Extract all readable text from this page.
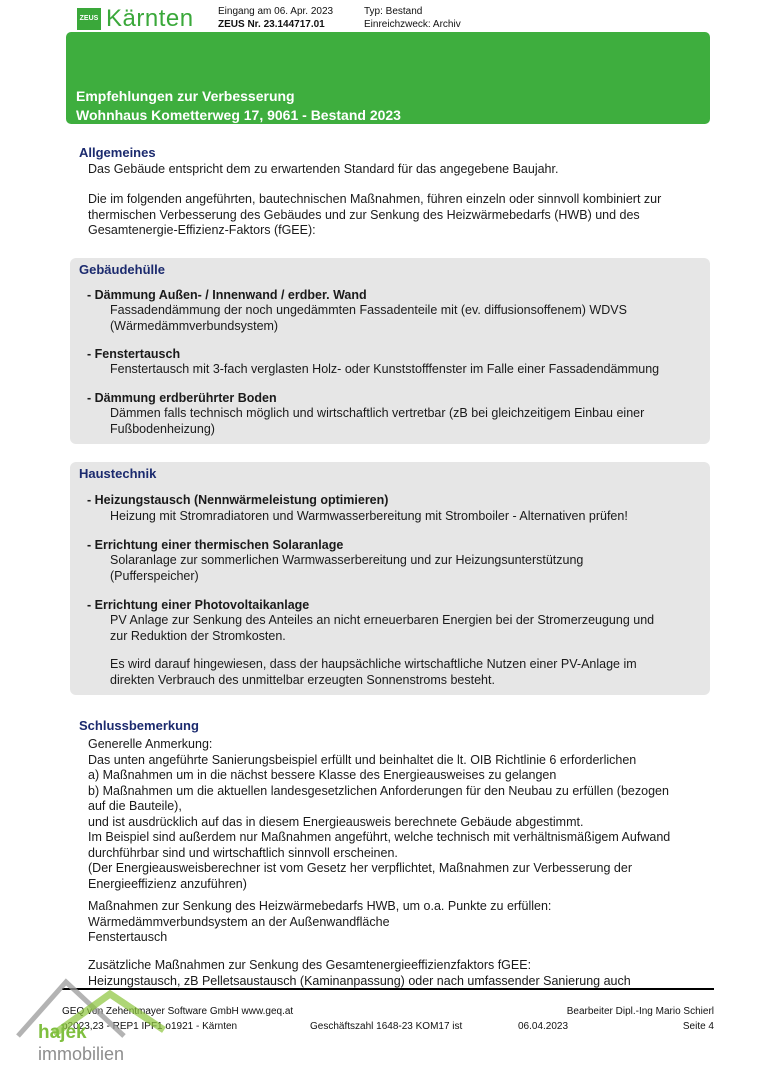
ZEUS Kärnten Eingang am 06. Apr. 2023
ZEUS Nr. 23.144717.01
Typ: Bestand
Einreichzweck: Archiv
Empfehlungen zur Verbesserung
Wohnhaus Kometterweg 17, 9061 - Bestand 2023
Allgemeines
Das Gebäude entspricht dem zu erwartenden Standard für das angegebene Baujahr.
Die im folgenden angeführten, bautechnischen Maßnahmen, führen einzeln oder sinnvoll kombiniert zur
thermischen Verbesserung des Gebäudes und zur Senkung des Heizwärmebedarfs (HWB) und des
Gesamtenergie-Effizienz-Faktors (fGEE):
Gebäudehülle
- Dämmung Außen- / Innenwand / erdber. Wand
Fassadendämmung der noch ungedämmten Fassadenteile mit (ev. diffusionsoffenem) WDVS
(Wärmedämmverbundsystem)
- Fenstertausch
Fenstertausch mit 3-fach verglasten Holz- oder Kunststofffenster im Falle einer Fassadendämmung
- Dämmung erdberührter Boden
Dämmen falls technisch möglich und wirtschaftlich vertretbar (zB bei gleichzeitigem Einbau einer
Fußbodenheizung)
Haustechnik
- Heizungstausch (Nennwärmeleistung optimieren)
Heizung mit Stromradiatoren und Warmwasserbereitung mit Stromboiler - Alternativen prüfen!
- Errichtung einer thermischen Solaranlage
Solaranlage zur sommerlichen Warmwasserbereitung und zur Heizungsunterstützung
(Pufferspeicher)
- Errichtung einer Photovoltaikanlage
PV Anlage zur Senkung des Anteiles an nicht erneuerbaren Energien bei der Stromerzeugung und
zur Reduktion der Stromkosten.
Es wird darauf hingewiesen, dass der haupsächliche wirtschaftliche Nutzen einer PV-Anlage im
direkten Verbrauch des unmittelbar erzeugten Sonnenstroms besteht.
Schlussbemerkung
Generelle Anmerkung:
Das unten angeführte Sanierungsbeispiel erfüllt und beinhaltet die lt. OIB Richtlinie 6 erforderlichen
a) Maßnahmen um in die nächst bessere Klasse des Energieausweises zu gelangen
b) Maßnahmen um die aktuellen landesgesetzlichen Anforderungen für den Neubau zu erfüllen (bezogen
auf die Bauteile),
und ist ausdrücklich auf das in diesem Energieausweis berechnete Gebäude abgestimmt.
Im Beispiel sind außerdem nur Maßnahmen angeführt, welche technisch mit verhältnismäßigem Aufwand
durchführbar sind und wirtschaftlich sinnvoll erscheinen.
(Der Energieausweisberechner ist vom Gesetz her verpflichtet, Maßnahmen zur Verbesserung der
Energieeffizienz anzuführen)
Maßnahmen zur Senkung des Heizwärmebedarfs HWB, um o.a. Punkte zu erfüllen:
Wärmedämmverbundsystem an der Außenwandfläche
Fenstertausch
Zusätzliche Maßnahmen zur Senkung des Gesamtenergieeffizienzfaktors fGEE:
Heizungstausch, zB Pelletsaustausch (Kaminanpassung) oder nach umfassender Sanierung auch
GEQ von Zehentmayer Software GmbH www.geq.at	Bearbeiter Dipl.-Ing Mario Schierl
p2023,23 - REP1 IPF1 o1921 - Kärnten	Geschäftszahl 1648-23 KOM17 ist	06.04.2023	Seite 4
hajek
immobilien
